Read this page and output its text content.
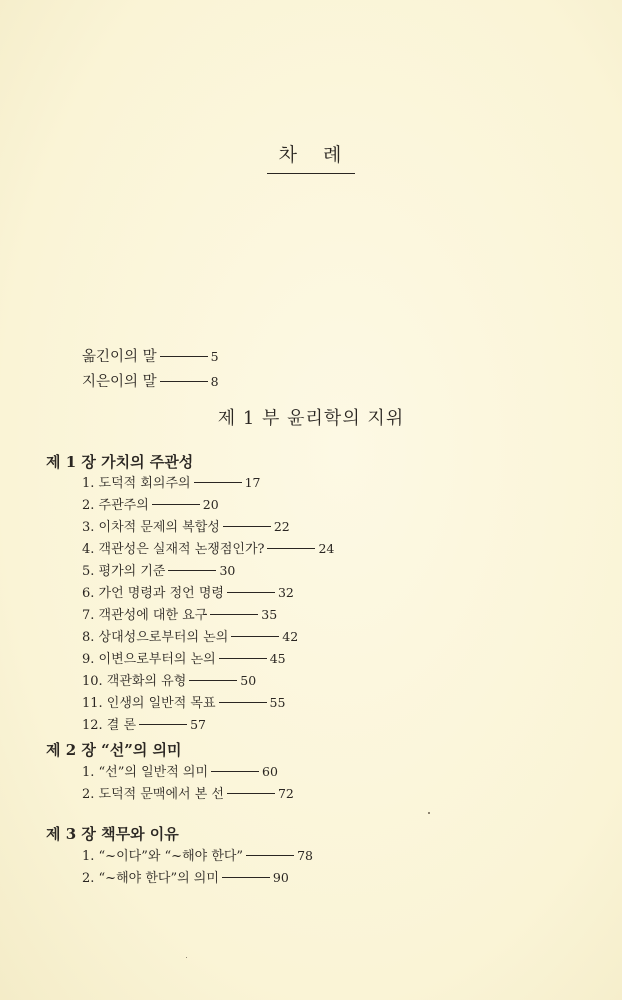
차 례
옮긴이의 말	5
지은이의 말	8
제 1 부 윤리학의 지위
제 1 장 가치의 주관성
1. 도덕적 회의주의	17
2. 주관주의	20
3. 이차적 문제의 복합성	22
4. 객관성은 실재적 논쟁점인가?	24
5. 평가의 기준	30
6. 가언 명령과 정언 명령	32
7. 객관성에 대한 요구	35
8. 상대성으로부터의 논의	42
9. 이변으로부터의 논의	45
10. 객관화의 유형	50
11. 인생의 일반적 목표	55
12. 결 론	57
제 2 장 “선”의 의미
1. “선”의 일반적 의미	60
2. 도덕적 문맥에서 본 선	72
제 3 장 책무와 이유
1. “~이다”와 “~해야 한다”	78
2. “~해야 한다”의 의미	90
